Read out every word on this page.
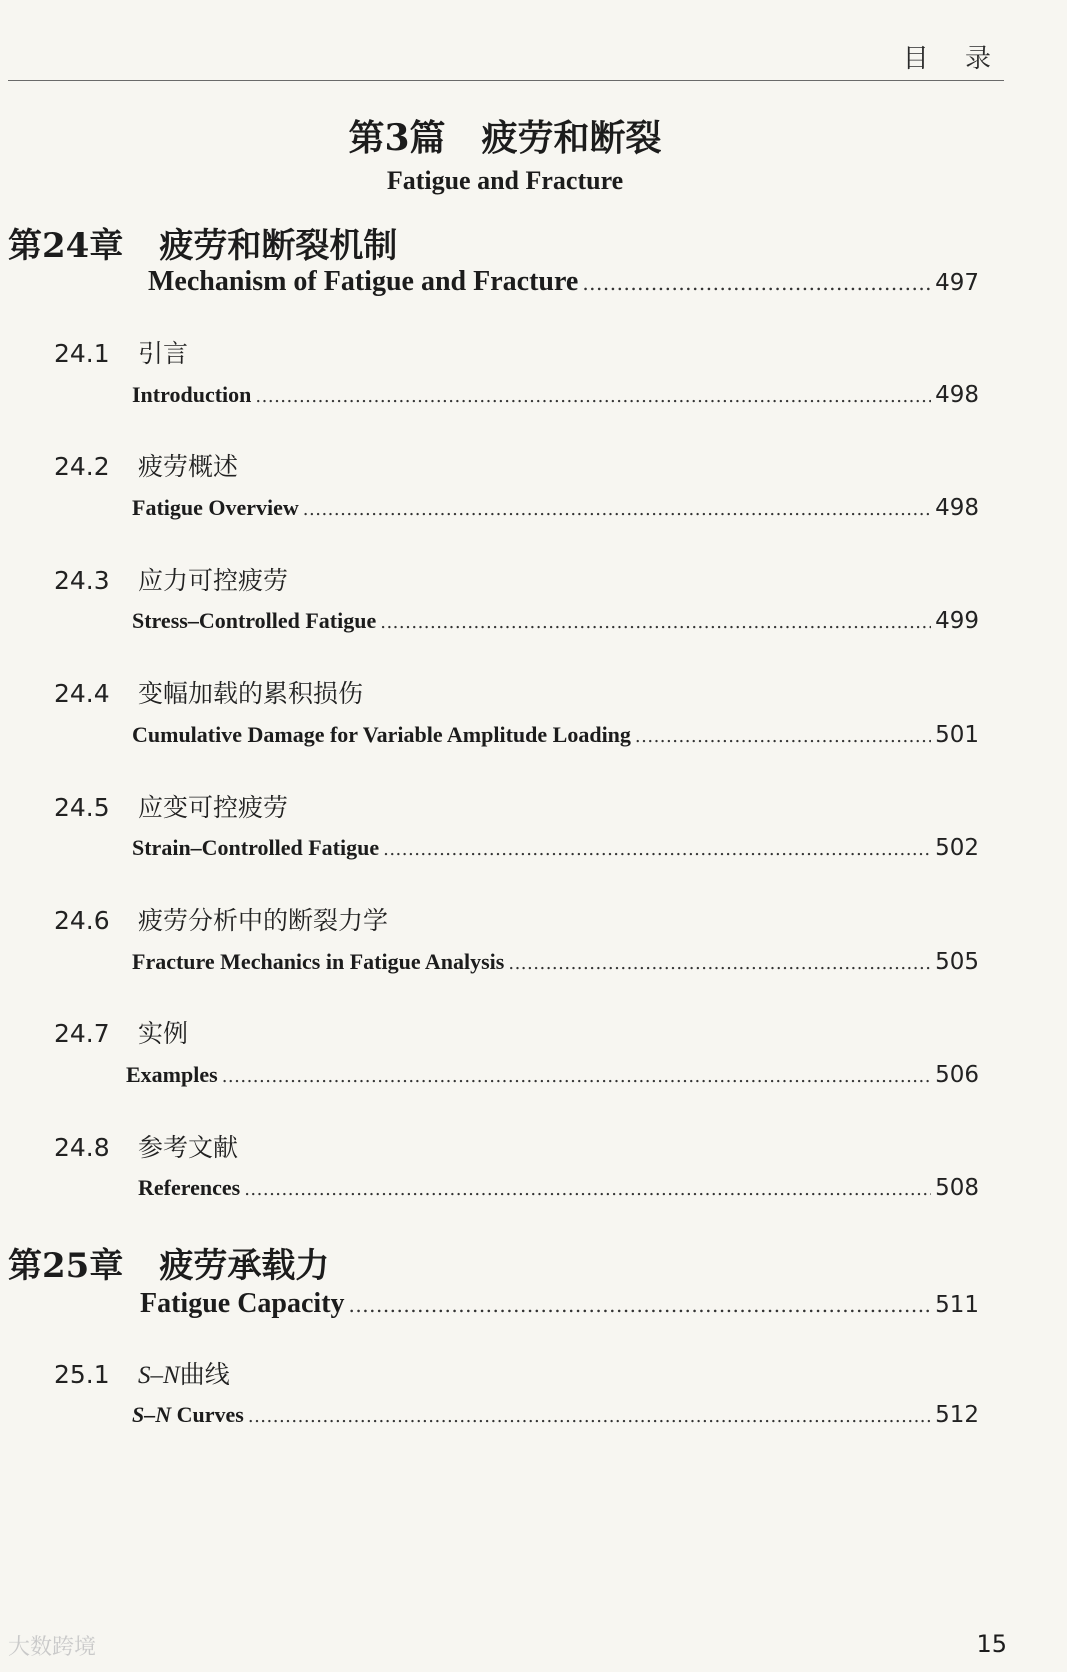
目 录
第3篇　疲劳和断裂
Fatigue and Fracture
第24章 疲劳和断裂机制
Mechanism of Fatigue and Fracture .....	497
24.1 引言
Introduction .....	498
24.2 疲劳概述
Fatigue Overview .....	498
24.3 应力可控疲劳
Stress–Controlled Fatigue .....	499
24.4 变幅加载的累积损伤
Cumulative Damage for Variable Amplitude Loading .....	501
24.5 应变可控疲劳
Strain–Controlled Fatigue .....	502
24.6 疲劳分析中的断裂力学
Fracture Mechanics in Fatigue Analysis .....	505
24.7 实例
Examples .....	506
24.8 参考文献
References .....	508
第25章 疲劳承载力
Fatigue Capacity .....	511
25.1 S–N曲线
S–N Curves .....	512
大数跨境	15
